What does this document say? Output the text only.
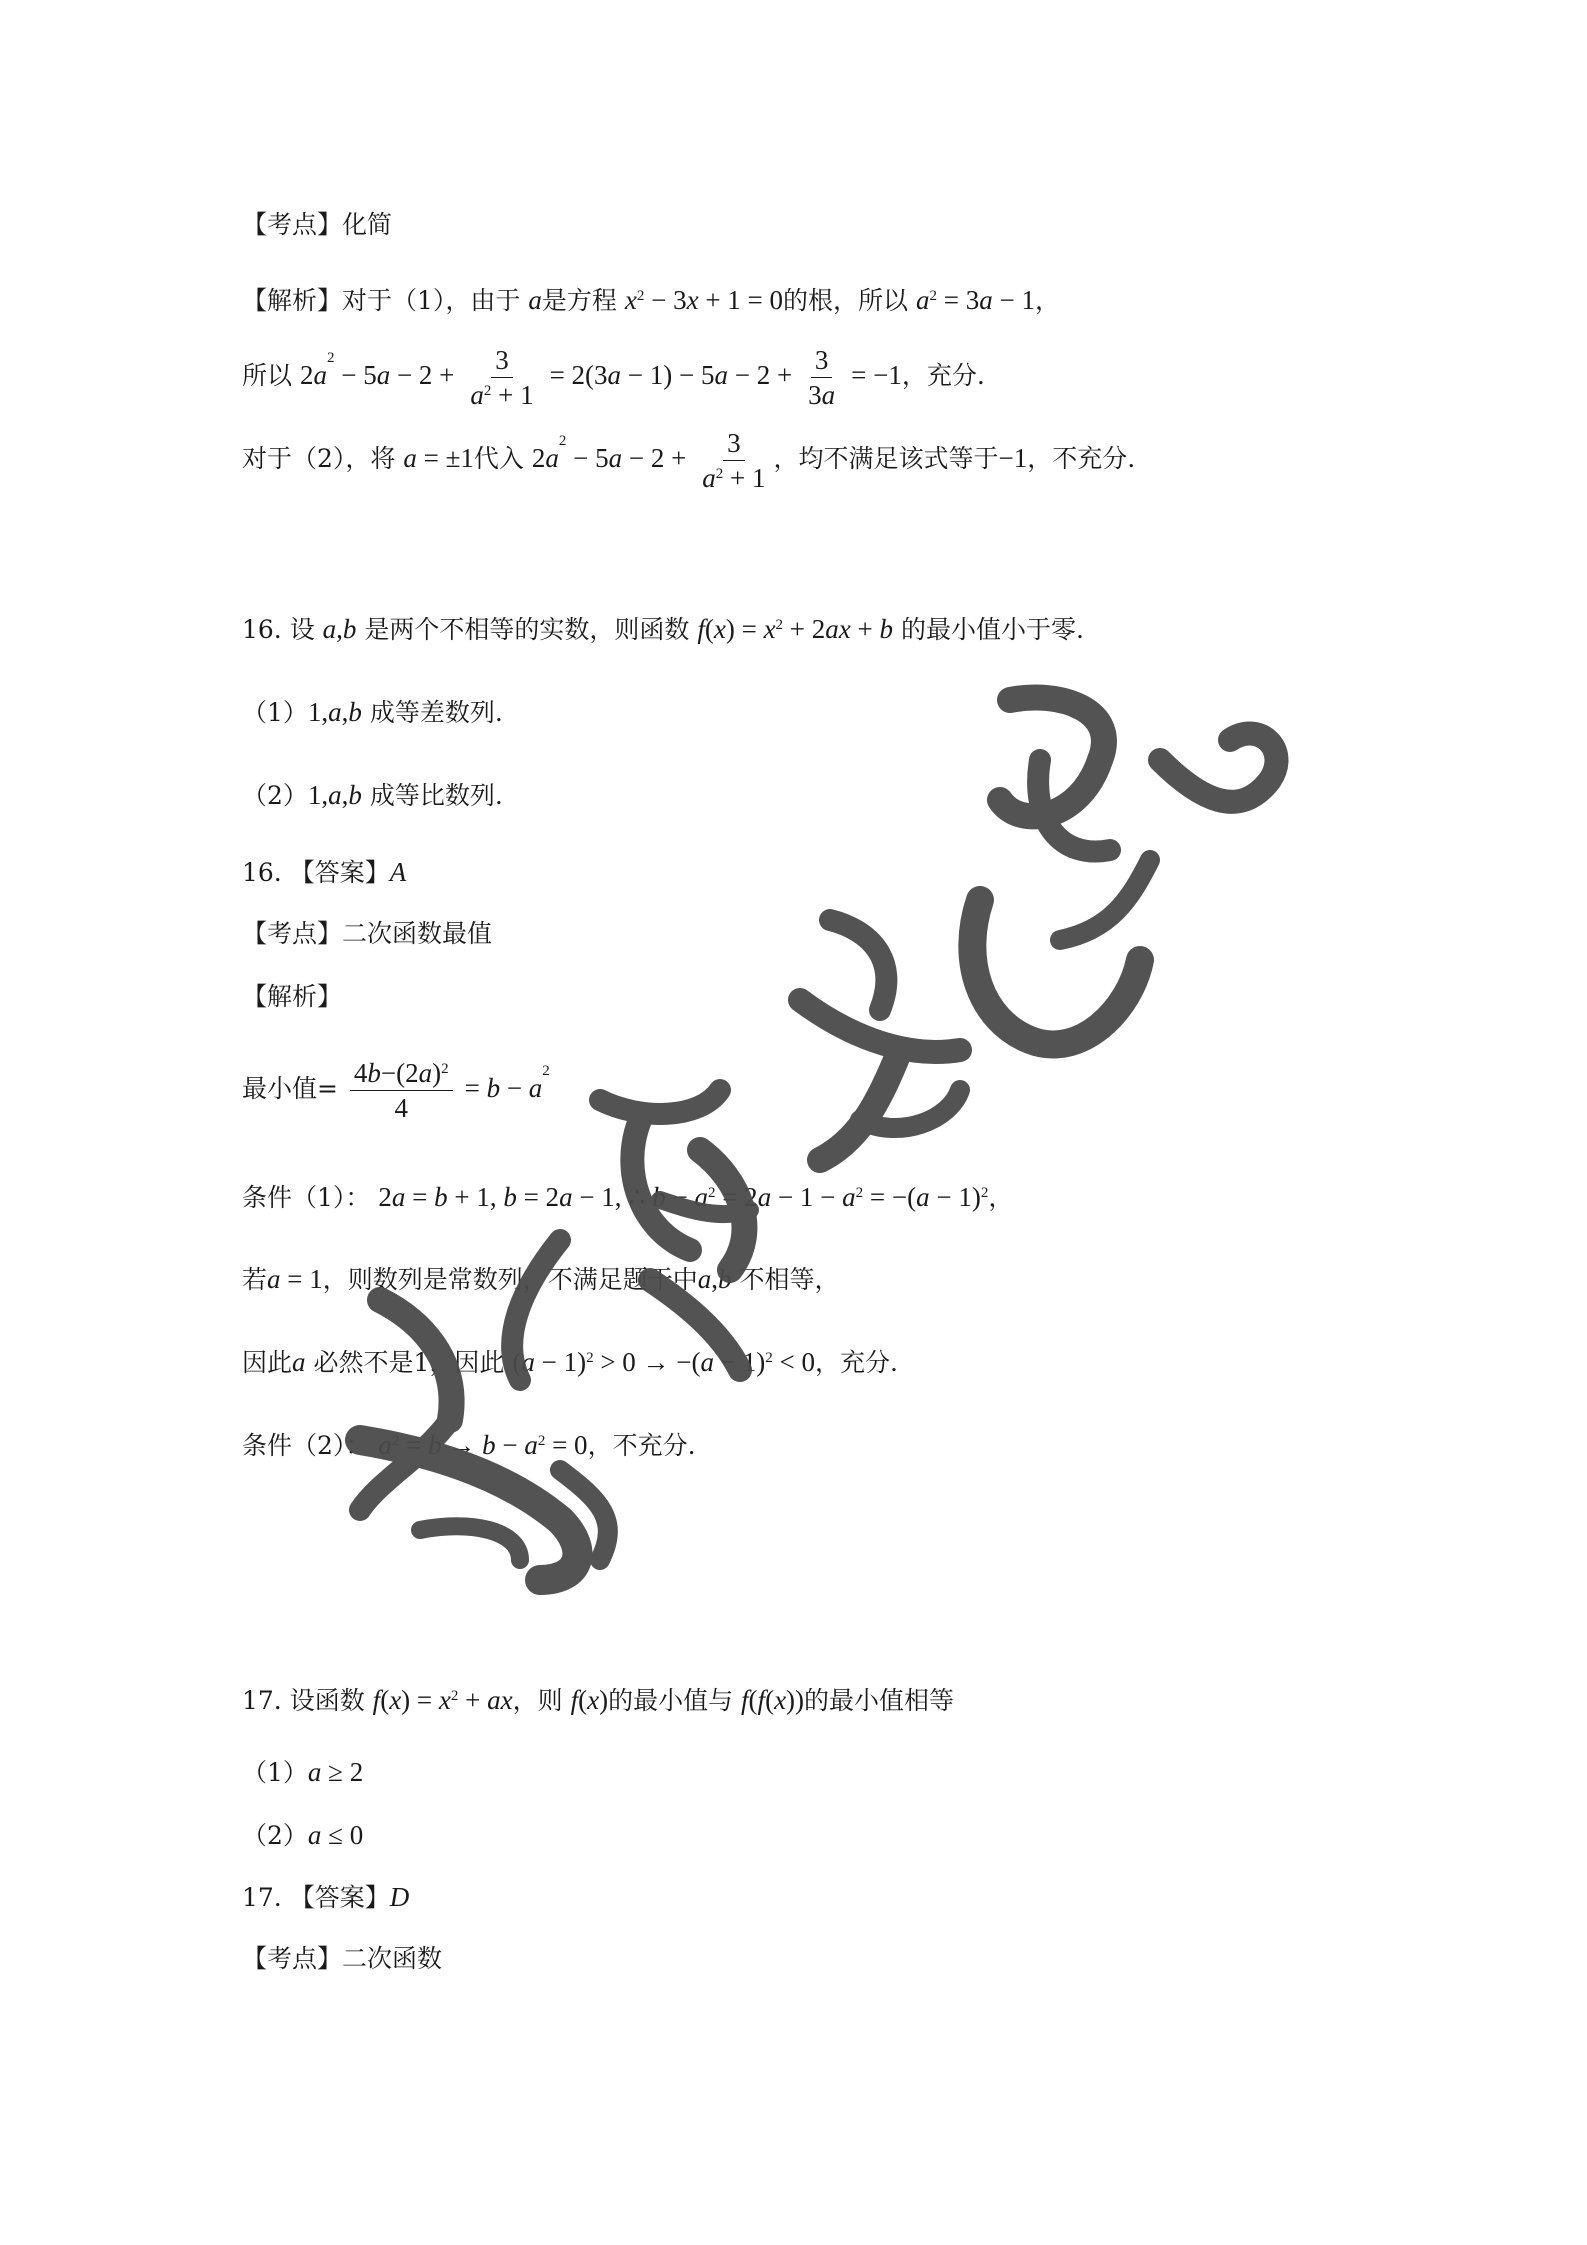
【考点】化简
【解析】对于（1），由于 a是方程 $x^2 - 3x + 1 = 0$的根，所以 $a^2 = 3a - 1$，
所以 $2a^2 - 5a - 2 + \frac{3}{a^2 + 1} = 2(3a - 1) - 5a - 2 + \frac{3}{3a} = -1$，充分.
对于（2），将 a = ±1代入 $2a^2 - 5a - 2 + \frac{3}{a^2 + 1}$ ，均不满足该式等于−1，不充分.
16. 设 a,b 是两个不相等的实数，则函数 $f(x) = x^2 + 2ax + b$ 的最小值小于零.
（1）1,a,b 成等差数列.
（2）1,a,b 成等比数列.
16. 【答案】A
【考点】二次函数最值
【解析】
最小值= $\frac{4b-(2a)^2}{4} = b - a^2$
条件（1）： 2a = b + 1, b = 2a − 1, ∴ $b - a^2 = 2a - 1 - a^2 = -(a - 1)^2$，
若a = 1，则数列是常数列，不满足题干中a,b 不相等，
因此a 必然不是1，因此 $(a - 1)^2 > 0 \to -(a - 1)^2 < 0$，充分.
条件（2）： $a^2 = b \to b - a^2 = 0$，不充分.
17. 设函数 $f(x) = x^2$ + ax，则 f(x)的最小值与 f(f(x))的最小值相等
（1）a ≥ 2
（2）a ≤ 0
17. 【答案】D
【考点】二次函数
